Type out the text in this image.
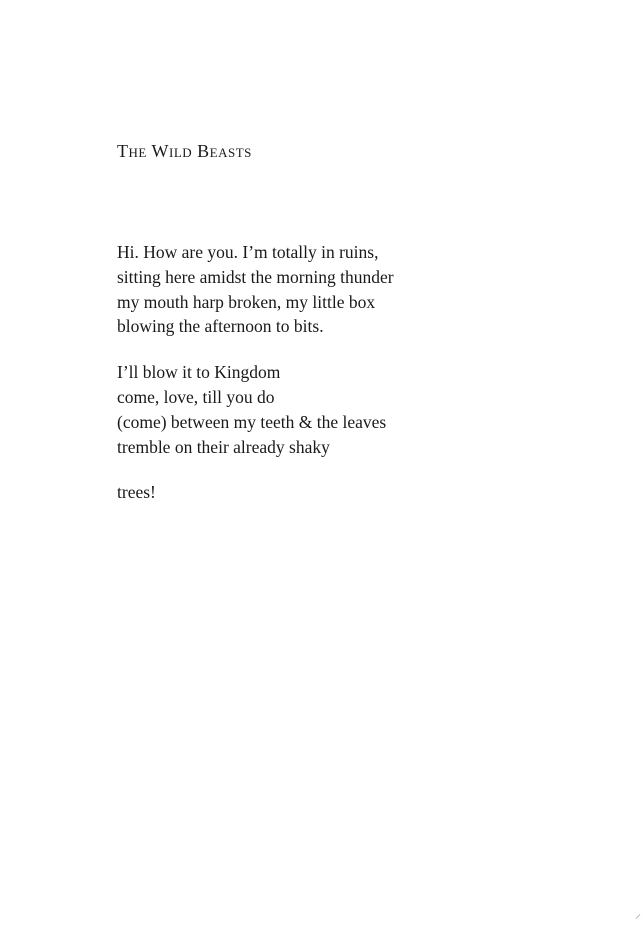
The Wild Beasts
Hi. How are you. I’m totally in ruins,
sitting here amidst the morning thunder
my mouth harp broken, my little box
blowing the afternoon to bits.
I’ll blow it to Kingdom
come, love, till you do
(come) between my teeth & the leaves
tremble on their already shaky
trees!
